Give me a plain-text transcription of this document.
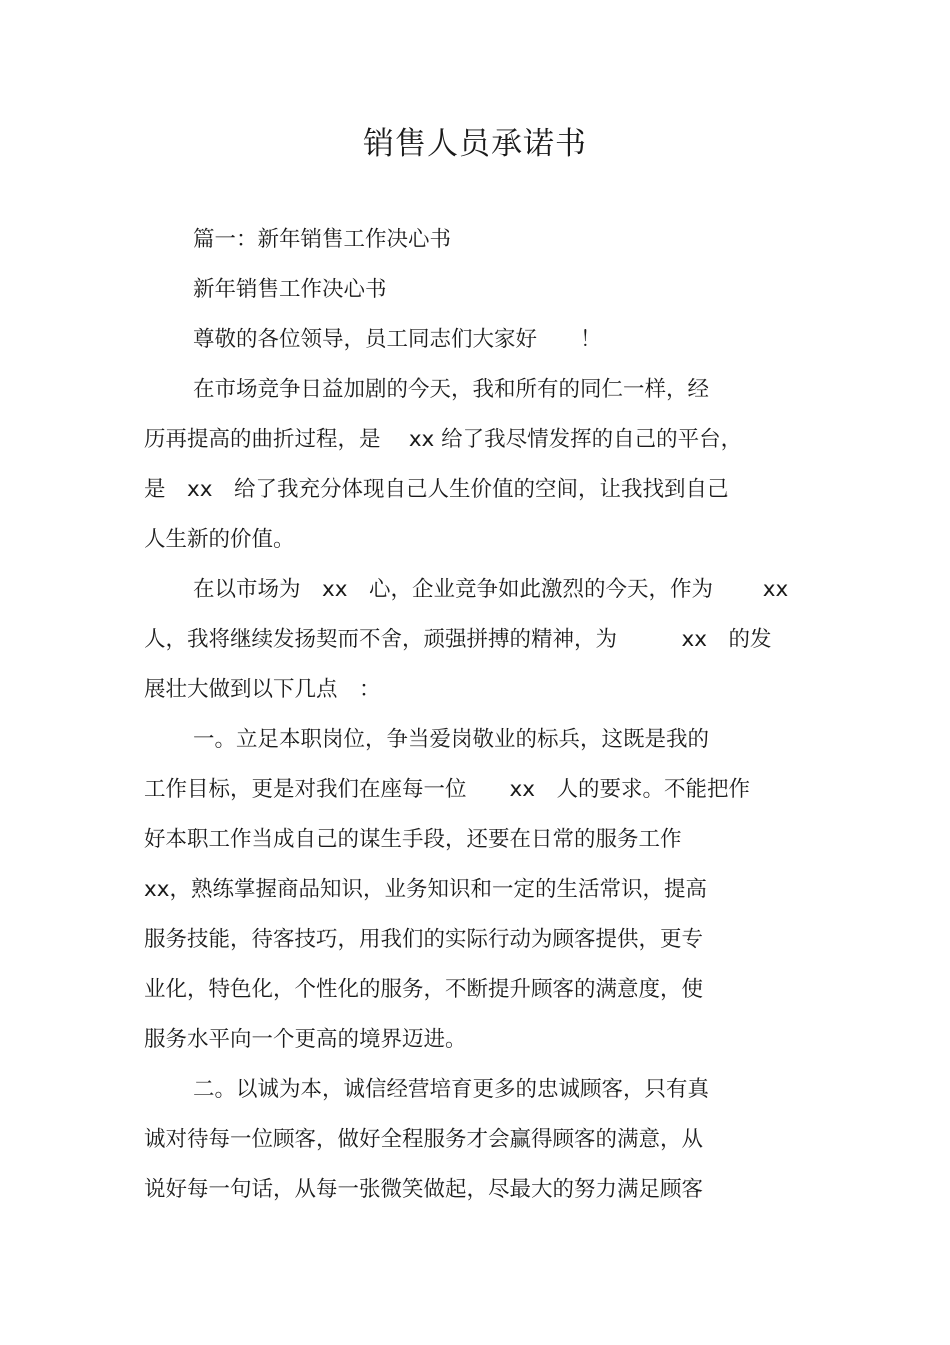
销售人员承诺书
篇一：新年销售工作决心书
新年销售工作决心书
尊敬的各位领导，员工同志们大家好　　！
在市场竞争日益加剧的今天，我和所有的同仁一样，经
历再提高的曲折过程，是　 xx 给了我尽情发挥的自己的平台，
是　xx　给了我充分体现自己人生价值的空间，让我找到自己
人生新的价值。
在以市场为　xx　心，企业竞争如此激烈的今天，作为　　 xx
人，我将继续发扬契而不舍，顽强拼搏的精神，为　　　xx　的发
展壮大做到以下几点　：
一。立足本职岗位，争当爱岗敬业的标兵，这既是我的
工作目标，更是对我们在座每一位　　xx　人的要求。不能把作
好本职工作当成自己的谋生手段，还要在日常的服务工作
xx，熟练掌握商品知识，业务知识和一定的生活常识，提高
服务技能，待客技巧，用我们的实际行动为顾客提供，更专
业化，特色化，个性化的服务，不断提升顾客的满意度，使
服务水平向一个更高的境界迈进。
二。以诚为本，诚信经营培育更多的忠诚顾客，只有真
诚对待每一位顾客，做好全程服务才会赢得顾客的满意，从
说好每一句话，从每一张微笑做起，尽最大的努力满足顾客
